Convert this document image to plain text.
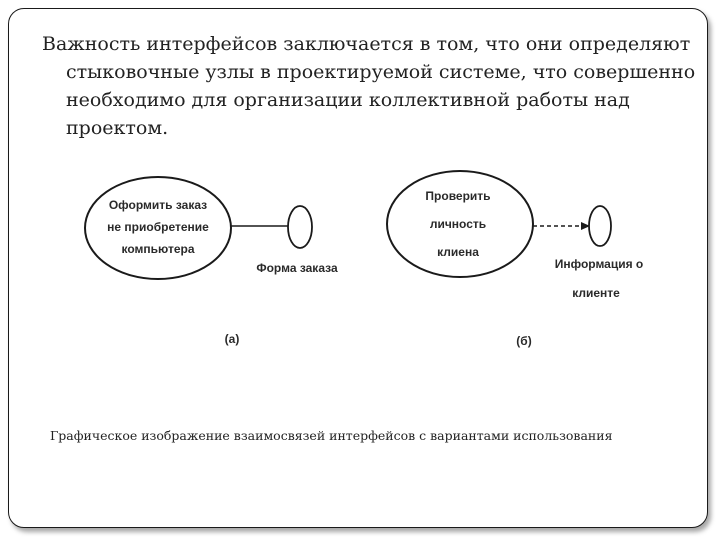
Важность интерфейсов заключается в том, что они определяют стыковочные узлы в проектируемой системе, что совершенно необходимо для организации коллективной работы над проектом.

Оформить заказ
не приобретение
компьютера
Форма заказа
(а)
Проверить
личность
клиена
Информация о
клиенте
(б)
Графическое изображение взаимосвязей интерфейсов с вариантами использования
